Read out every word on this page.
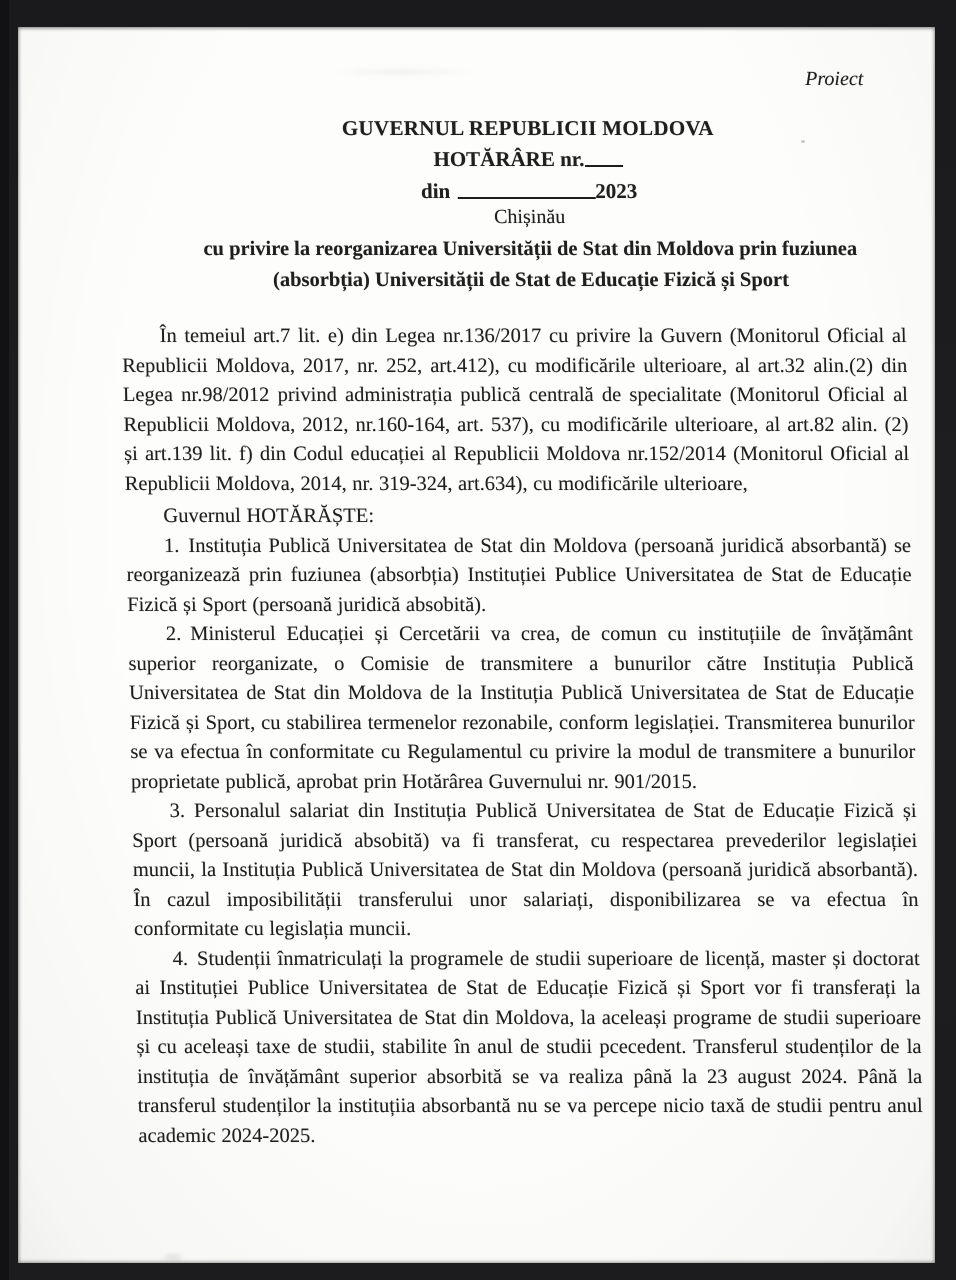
Proiect
GUVERNUL REPUBLICII MOLDOVA
HOTĂRÂRE nr.
din	2023
Chișinău
cu privire la reorganizarea Universității de Stat din Moldova prin fuziunea
(absorbția) Universității de Stat de Educație Fizică și Sport

În temeiul art.7 lit. e) din Legea nr.136/2017 cu privire la Guvern (Monitorul Oficial al Republicii Moldova, 2017, nr. 252, art.412), cu modificările ulterioare, al art.32 alin.(2) din Legea nr.98/2012 privind administrația publică centrală de specialitate (Monitorul Oficial al Republicii Moldova, 2012, nr.160-164, art. 537), cu modificările ulterioare, al art.82 alin. (2) și art.139 lit. f) din Codul educației al Republicii Moldova nr.152/2014 (Monitorul Oficial al Republicii Moldova, 2014, nr. 319-324, art.634), cu modificările ulterioare,

Guvernul HOTĂRĂȘTE:

1. Instituția Publică Universitatea de Stat din Moldova (persoană juridică absorbantă) se reorganizează prin fuziunea (absorbția) Instituției Publice Universitatea de Stat de Educație Fizică și Sport (persoană juridică absobită).

2. Ministerul Educației și Cercetării va crea, de comun cu instituțiile de învățământ superior reorganizate, o Comisie de transmitere a bunurilor către Instituția Publică Universitatea de Stat din Moldova de la Instituția Publică Universitatea de Stat de Educație Fizică și Sport, cu stabilirea termenelor rezonabile, conform legislației. Transmiterea bunurilor se va efectua în conformitate cu Regulamentul cu privire la modul de transmitere a bunurilor proprietate publică, aprobat prin Hotărârea Guvernului nr. 901/2015.

3. Personalul salariat din Instituția Publică Universitatea de Stat de Educație Fizică și Sport (persoană juridică absobită) va fi transferat, cu respectarea prevederilor legislației muncii, la Instituția Publică Universitatea de Stat din Moldova (persoană juridică absorbantă). În cazul imposibilității transferului unor salariați, disponibilizarea se va efectua în conformitate cu legislația muncii.

4. Studenții înmatriculați la programele de studii superioare de licență, master și doctorat ai Instituției Publice Universitatea de Stat de Educație Fizică și Sport vor fi transferați la Instituția Publică Universitatea de Stat din Moldova, la aceleași programe de studii superioare și cu aceleași taxe de studii, stabilite în anul de studii pcecedent. Transferul studenților de la instituția de învățământ superior absorbită se va realiza până la 23 august 2024. Până la transferul studenților la instituțiia absorbantă nu se va percepe nicio taxă de studii pentru anul academic 2024-2025.
